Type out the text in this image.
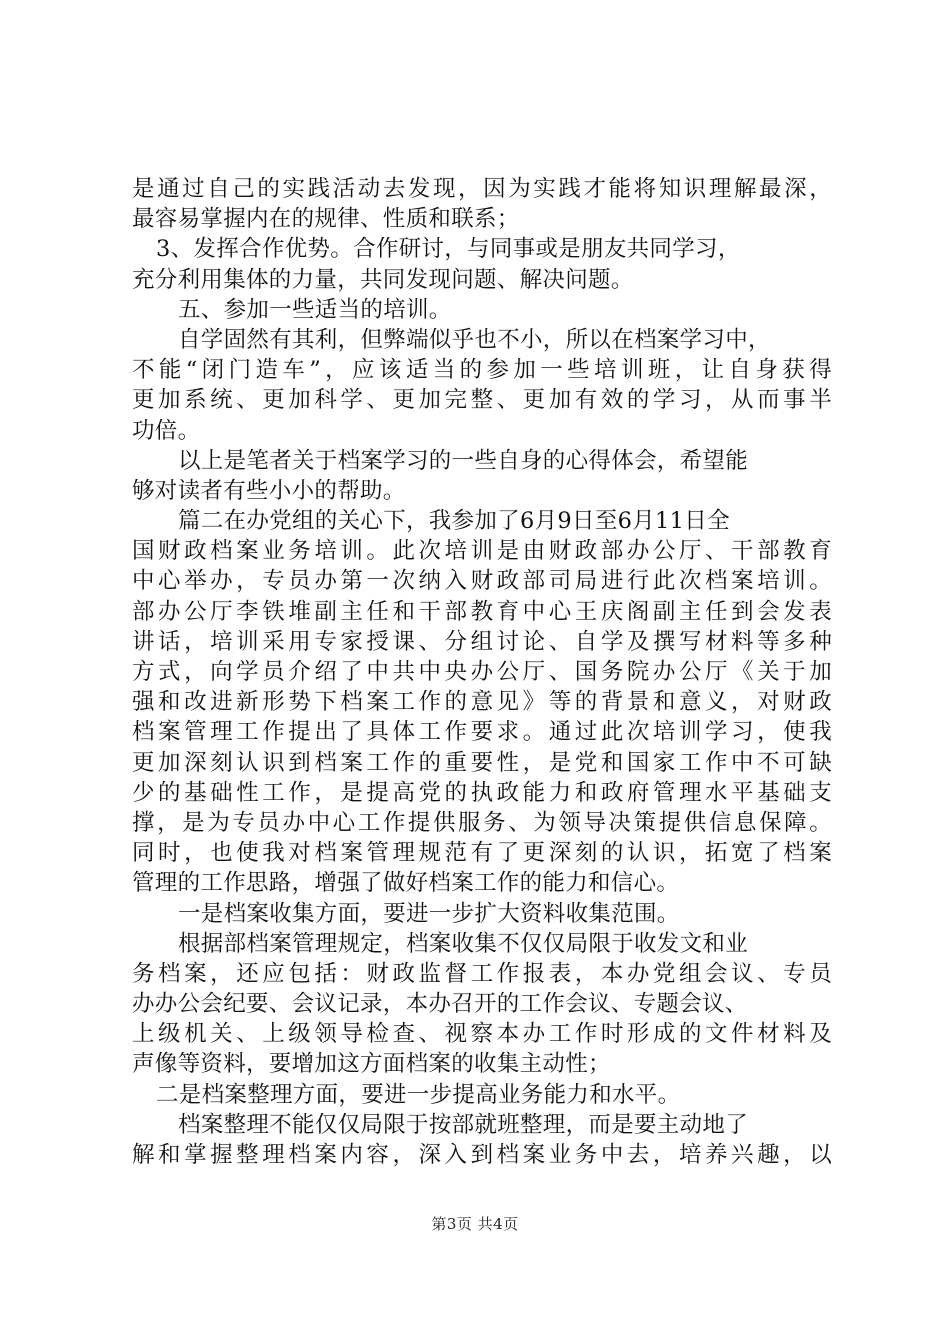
是通过自己的实践活动去发现，因为实践才能将知识理解最深，
最容易掌握内在的规律、性质和联系；
3、发挥合作优势。合作研讨，与同事或是朋友共同学习，
充分利用集体的力量，共同发现问题、解决问题。
五、参加一些适当的培训。
自学固然有其利，但弊端似乎也不小，所以在档案学习中，
不能“闭门造车”，应该适当的参加一些培训班，让自身获得
更加系统、更加科学、更加完整、更加有效的学习，从而事半
功倍。
以上是笔者关于档案学习的一些自身的心得体会，希望能
够对读者有些小小的帮助。
篇二在办党组的关心下，我参加了6月9日至6月11日全
国财政档案业务培训。此次培训是由财政部办公厅、干部教育
中心举办，专员办第一次纳入财政部司局进行此次档案培训。
部办公厅李铁堆副主任和干部教育中心王庆阁副主任到会发表
讲话，培训采用专家授课、分组讨论、自学及撰写材料等多种
方式，向学员介绍了中共中央办公厅、国务院办公厅《关于加
强和改进新形势下档案工作的意见》等的背景和意义，对财政
档案管理工作提出了具体工作要求。通过此次培训学习，使我
更加深刻认识到档案工作的重要性，是党和国家工作中不可缺
少的基础性工作，是提高党的执政能力和政府管理水平基础支
撑，是为专员办中心工作提供服务、为领导决策提供信息保障。
同时，也使我对档案管理规范有了更深刻的认识，拓宽了档案
管理的工作思路，增强了做好档案工作的能力和信心。
一是档案收集方面，要进一步扩大资料收集范围。
根据部档案管理规定，档案收集不仅仅局限于收发文和业
务档案，还应包括：财政监督工作报表，本办党组会议、专员
办办公会纪要、会议记录，本办召开的工作会议、专题会议、
上级机关、上级领导检查、视察本办工作时形成的文件材料及
声像等资料，要增加这方面档案的收集主动性；
二是档案整理方面，要进一步提高业务能力和水平。
档案整理不能仅仅局限于按部就班整理，而是要主动地了
解和掌握整理档案内容，深入到档案业务中去，培养兴趣，以
第3页 共4页
